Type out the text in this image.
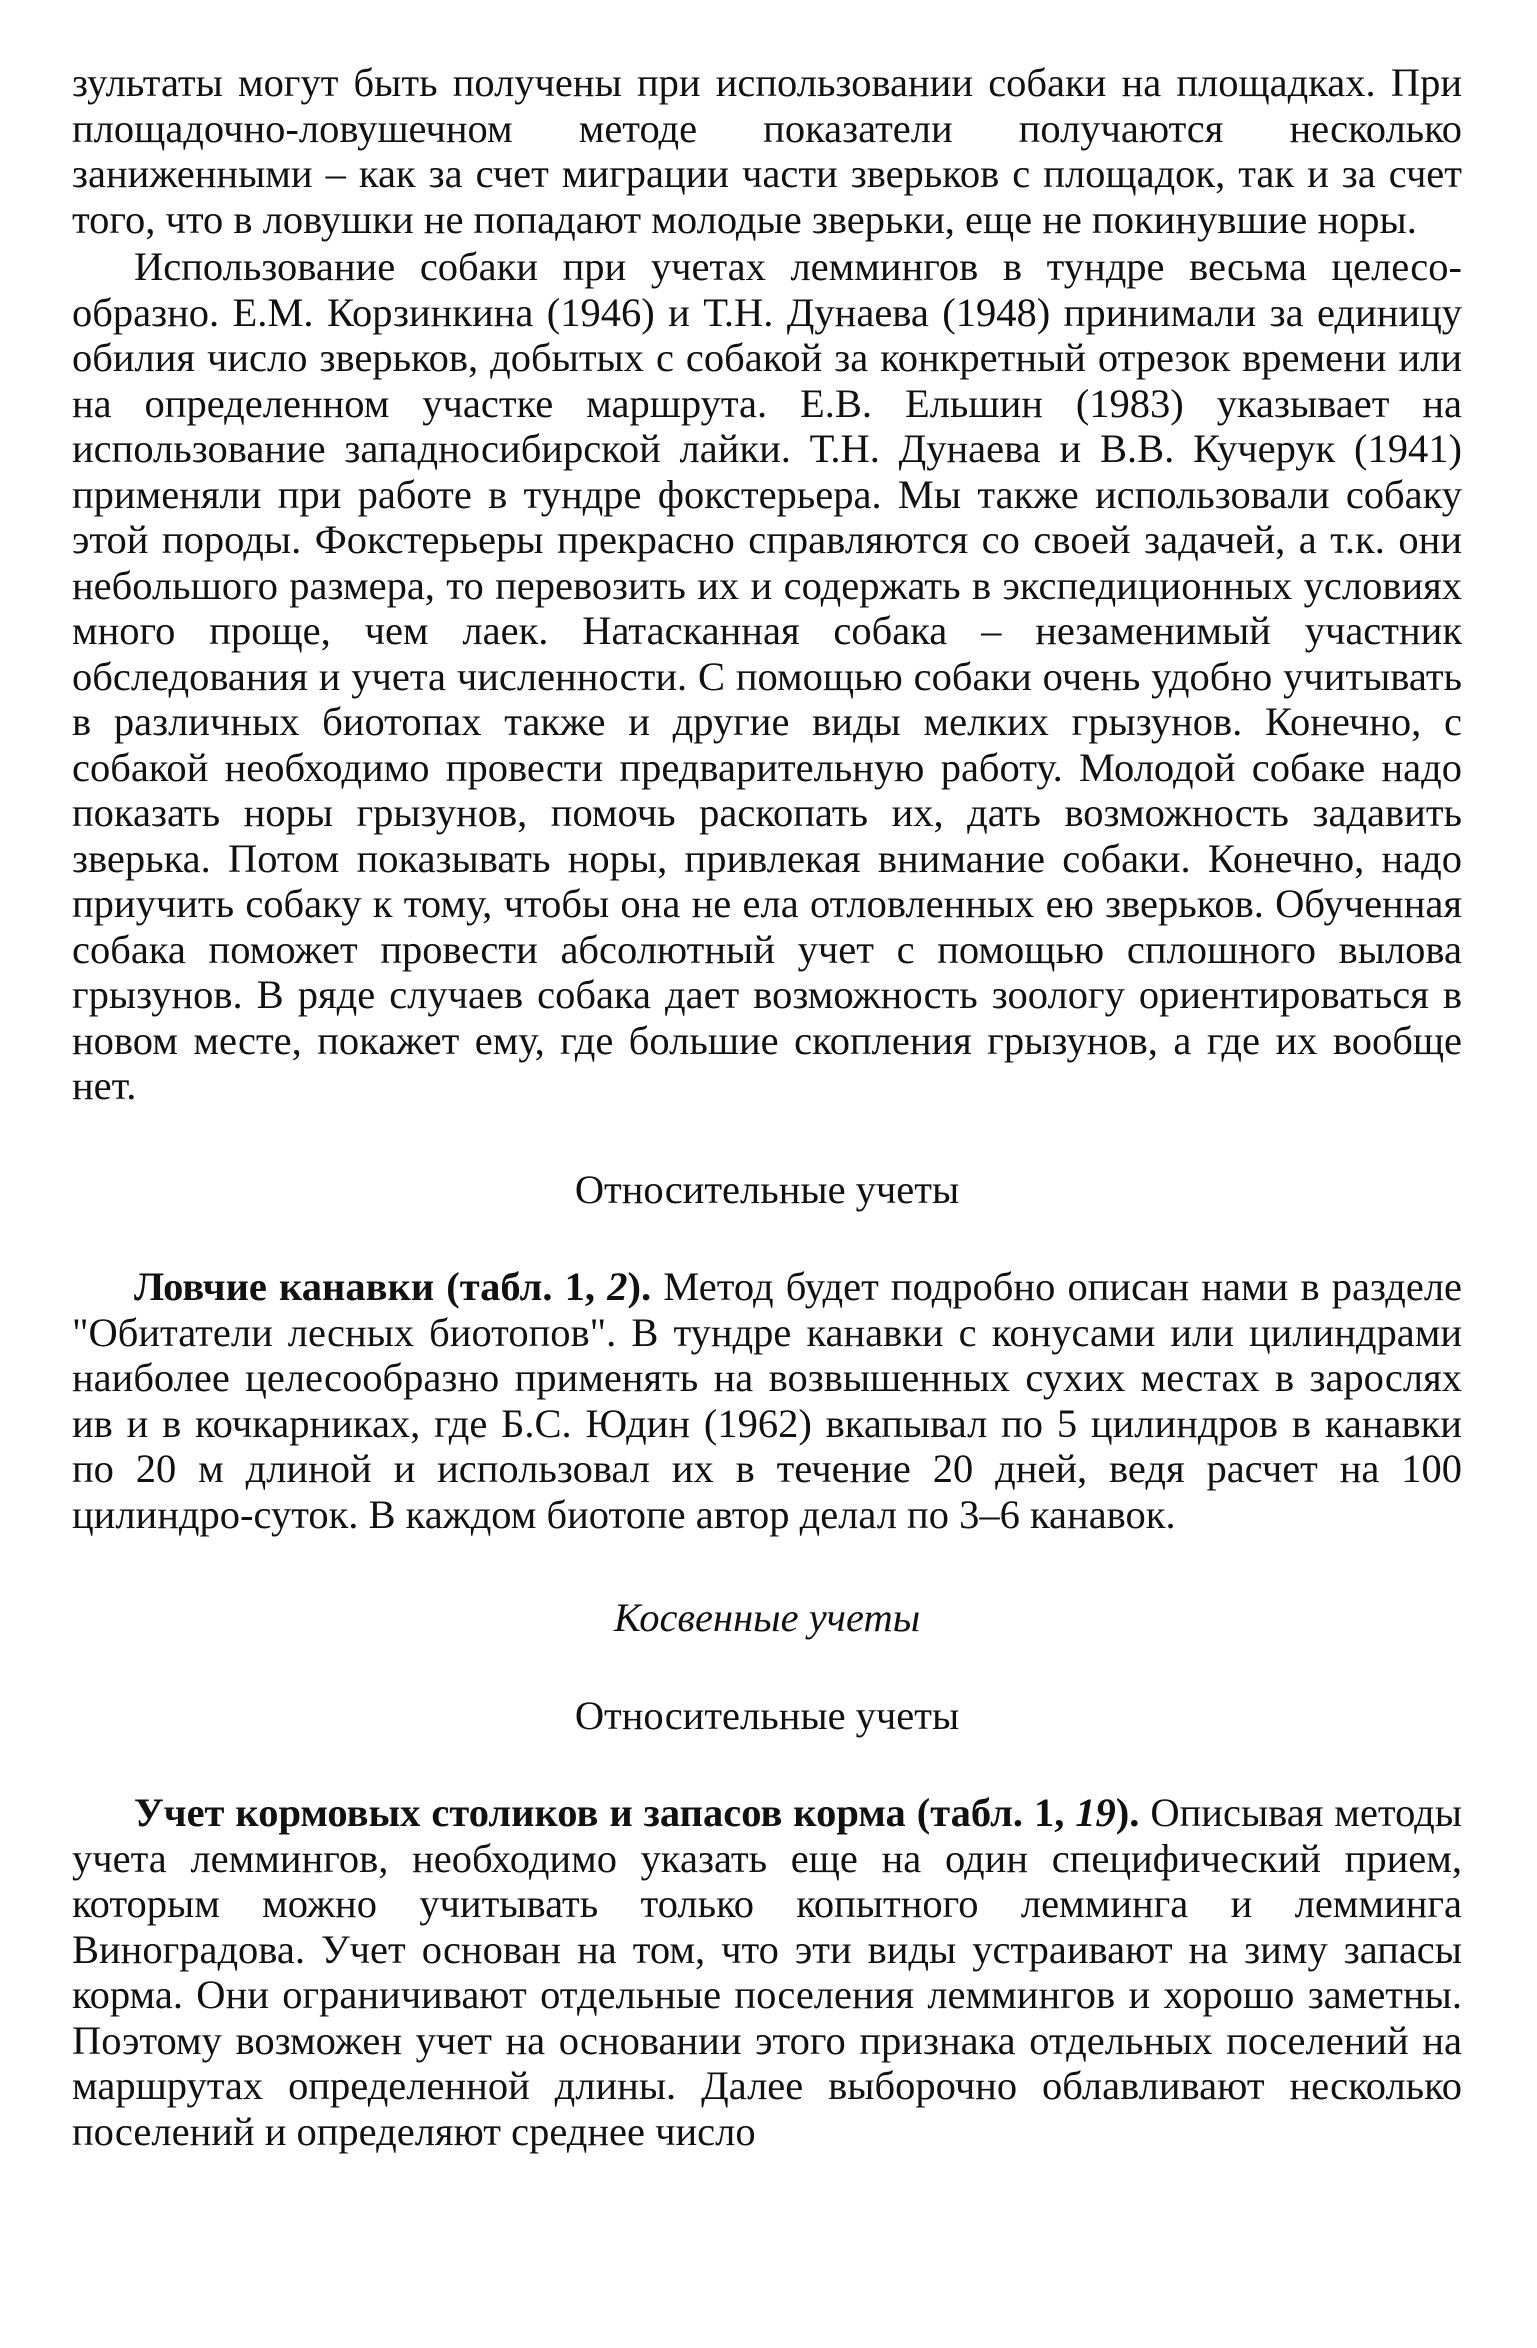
зультаты могут быть получены при использовании собаки на площадках. При площадочно-ловушечном методе показатели получаются несколько заниженными – как за счет миграции части зверьков с площадок, так и за счет того, что в ловушки не попадают молодые зверьки, еще не покинувшие норы.

Использование собаки при учетах леммингов в тундре весьма целесообразно. Е.М. Корзинкина (1946) и Т.Н. Дунаева (1948) принимали за единицу обилия число зверьков, добытых с собакой за конкретный отрезок времени или на определенном участке маршрута. Е.В. Ельшин (1983) указывает на использование западносибирской лайки. Т.Н. Дунаева и В.В. Кучерук (1941) применяли при работе в тундре фокстерьера. Мы также использовали собаку этой породы. Фокстерьеры прекрасно справляются со своей задачей, а т.к. они небольшого размера, то перевозить их и содержать в экспедиционных условиях много проще, чем лаек. Натасканная собака – незаменимый участник обследования и учета численности. С помощью собаки очень удобно учитывать в различных биотопах также и другие виды мелких грызунов. Конечно, с собакой необходимо провести предварительную работу. Молодой собаке надо показать норы грызунов, помочь раскопать их, дать возможность задавить зверька. Потом показывать норы, привлекая внимание собаки. Конечно, надо приучить собаку к тому, чтобы она не ела отловленных ею зверьков. Обученная собака поможет провести абсолютный учет с помощью сплошного вылова грызунов. В ряде случаев собака дает возможность зоологу ориентироваться в новом месте, покажет ему, где большие скопления грызунов, а где их вообще нет.

Относительные учеты

Ловчие канавки (табл. 1, 2). Метод будет подробно описан нами в разделе "Обитатели лесных биотопов". В тундре канавки с конусами или цилиндрами наиболее целесообразно применять на возвышенных сухих местах в зарослях ив и в кочкарниках, где Б.С. Юдин (1962) вкапывал по 5 цилиндров в канавки по 20 м длиной и использовал их в течение 20 дней, ведя расчет на 100 цилиндро-суток. В каждом биотопе автор делал по 3–6 канавок.

Косвенные учеты

Относительные учеты

Учет кормовых столиков и запасов корма (табл. 1, 19). Описывая методы учета леммингов, необходимо указать еще на один специфический прием, которым можно учитывать только копытного лемминга и лемминга Виноградова. Учет основан на том, что эти виды устраивают на зиму запасы корма. Они ограничивают отдельные поселения леммингов и хорошо заметны. Поэтому возможен учет на основании этого признака отдельных поселений на маршрутах определенной длины. Далее выборочно облавливают несколько поселений и определяют среднее число
